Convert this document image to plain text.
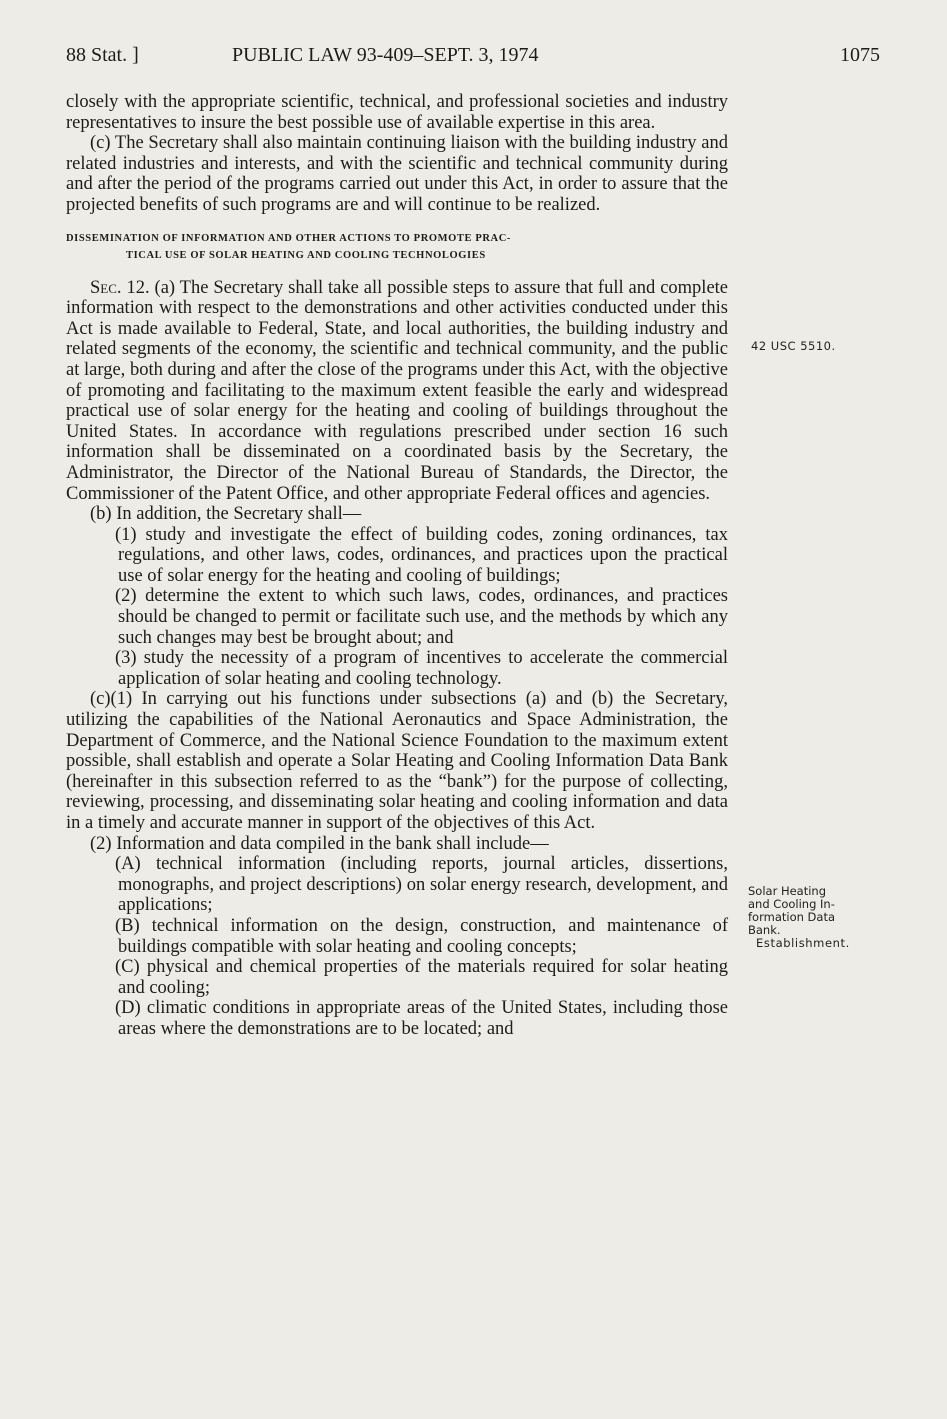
88 Stat. ]	PUBLIC LAW 93-409–SEPT. 3, 1974	1075

closely with the appropriate scientific, technical, and professional societies and industry representatives to insure the best possible use of available expertise in this area.

(c) The Secretary shall also maintain continuing liaison with the building industry and related industries and interests, and with the scientific and technical community during and after the period of the programs carried out under this Act, in order to assure that the projected benefits of such programs are and will continue to be realized.

DISSEMINATION OF INFORMATION AND OTHER ACTIONS TO PROMOTE PRAC-
TICAL USE OF SOLAR HEATING AND COOLING TECHNOLOGIES

Sec. 12. (a) The Secretary shall take all possible steps to assure that full and complete information with respect to the demonstrations and other activities conducted under this Act is made available to Federal, State, and local authorities, the building industry and related segments of the economy, the scientific and technical community, and the public at large, both during and after the close of the programs under this Act, with the objective of promoting and facilitating to the maximum extent feasible the early and widespread practical use of solar energy for the heating and cooling of buildings throughout the United States. In accordance with regulations prescribed under section 16 such information shall be disseminated on a coordinated basis by the Secretary, the Administrator, the Director of the National Bureau of Standards, the Director, the Commissioner of the Patent Office, and other appropriate Federal offices and agencies.

(b) In addition, the Secretary shall—

(1) study and investigate the effect of building codes, zoning ordinances, tax regulations, and other laws, codes, ordinances, and practices upon the practical use of solar energy for the heating and cooling of buildings;

(2) determine the extent to which such laws, codes, ordinances, and practices should be changed to permit or facilitate such use, and the methods by which any such changes may best be brought about; and

(3) study the necessity of a program of incentives to accelerate the commercial application of solar heating and cooling technology.

(c)(1) In carrying out his functions under subsections (a) and (b) the Secretary, utilizing the capabilities of the National Aeronautics and Space Administration, the Department of Commerce, and the National Science Foundation to the maximum extent possible, shall establish and operate a Solar Heating and Cooling Information Data Bank (hereinafter in this subsection referred to as the “bank”) for the purpose of collecting, reviewing, processing, and disseminating solar heating and cooling information and data in a timely and accurate manner in support of the objectives of this Act.

(2) Information and data compiled in the bank shall include—

(A) technical information (including reports, journal articles, dissertions, monographs, and project descriptions) on solar energy research, development, and applications;

(B) technical information on the design, construction, and maintenance of buildings compatible with solar heating and cooling concepts;

(C) physical and chemical properties of the materials required for solar heating and cooling;

(D) climatic conditions in appropriate areas of the United States, including those areas where the demonstrations are to be located; and

42 USC 5510.
Solar Heating
and Cooling In-
formation Data
Bank.
Establishment.
